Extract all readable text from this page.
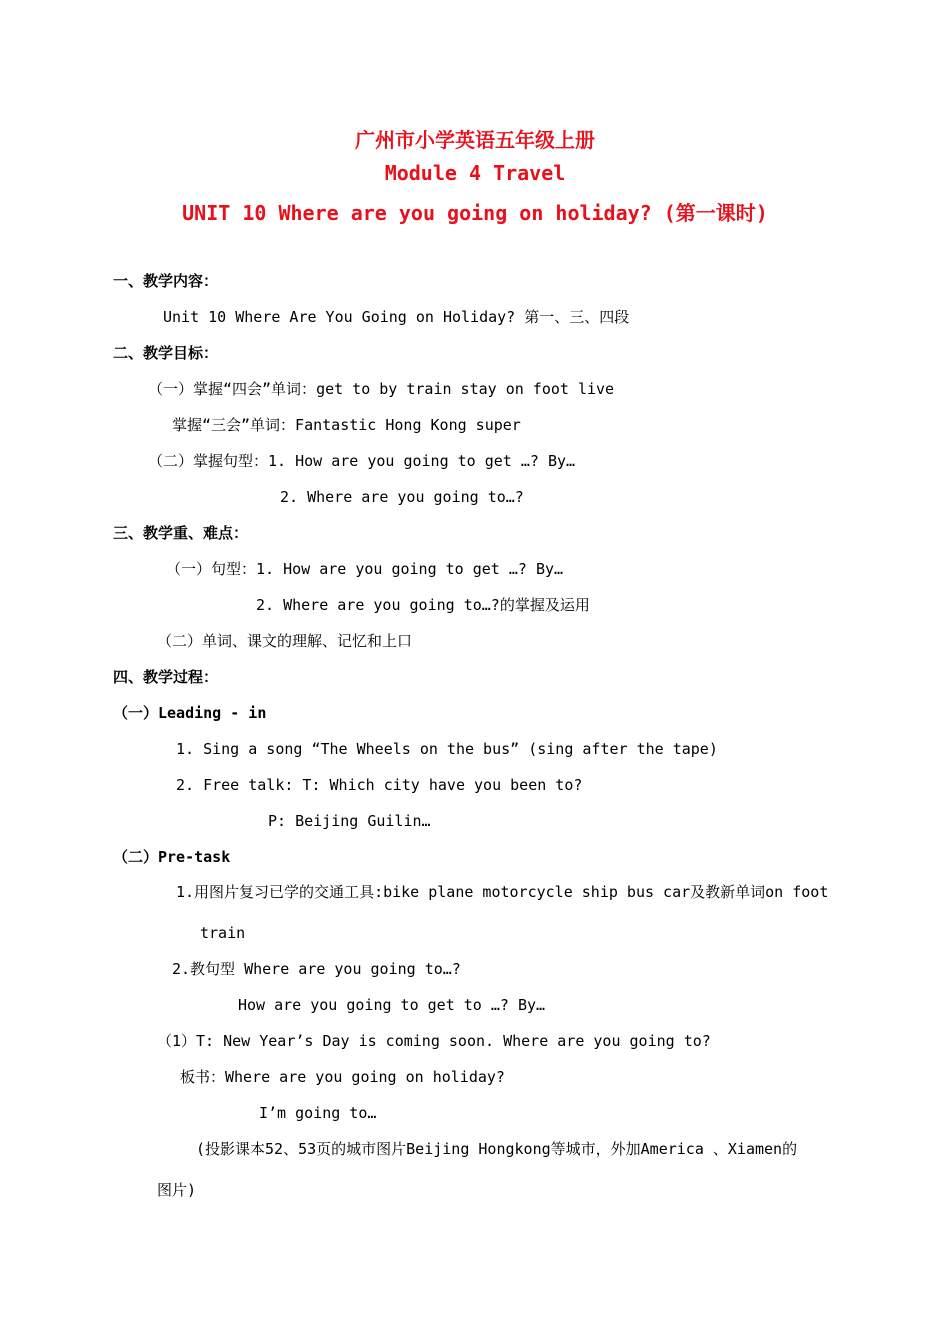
广州市小学英语五年级上册
Module 4 Travel
UNIT 10 Where are you going on holiday? (第一课时)
一、教学内容：
Unit 10 Where Are You Going on Holiday? 第一、三、四段
二、教学目标：
（一）掌握“四会”单词：get to by train stay on foot live
掌握“三会”单词：Fantastic Hong Kong super
（二）掌握句型：1. How are you going to get …? By…
2. Where are you going to…?
三、教学重、难点：
（一）句型：1. How are you going to get …? By…
2. Where are you going to…?的掌握及运用
（二）单词、课文的理解、记忆和上口
四、教学过程：
（一）Leading - in
1. Sing a song “The Wheels on the bus” (sing after the tape)
2. Free talk: T: Which city have you been to?
P: Beijing Guilin…
（二）Pre-task
1.用图片复习已学的交通工具:bike plane motorcycle ship bus car及教新单词on foot
train
2.教句型 Where are you going to…?
How are you going to get to …? By…
（1）T: New Year’s Day is coming soon. Where are you going to?
板书：Where are you going on holiday?
I’m going to…
(投影课本52、53页的城市图片Beijing Hongkong等城市，外加America 、Xiamen的
图片)
